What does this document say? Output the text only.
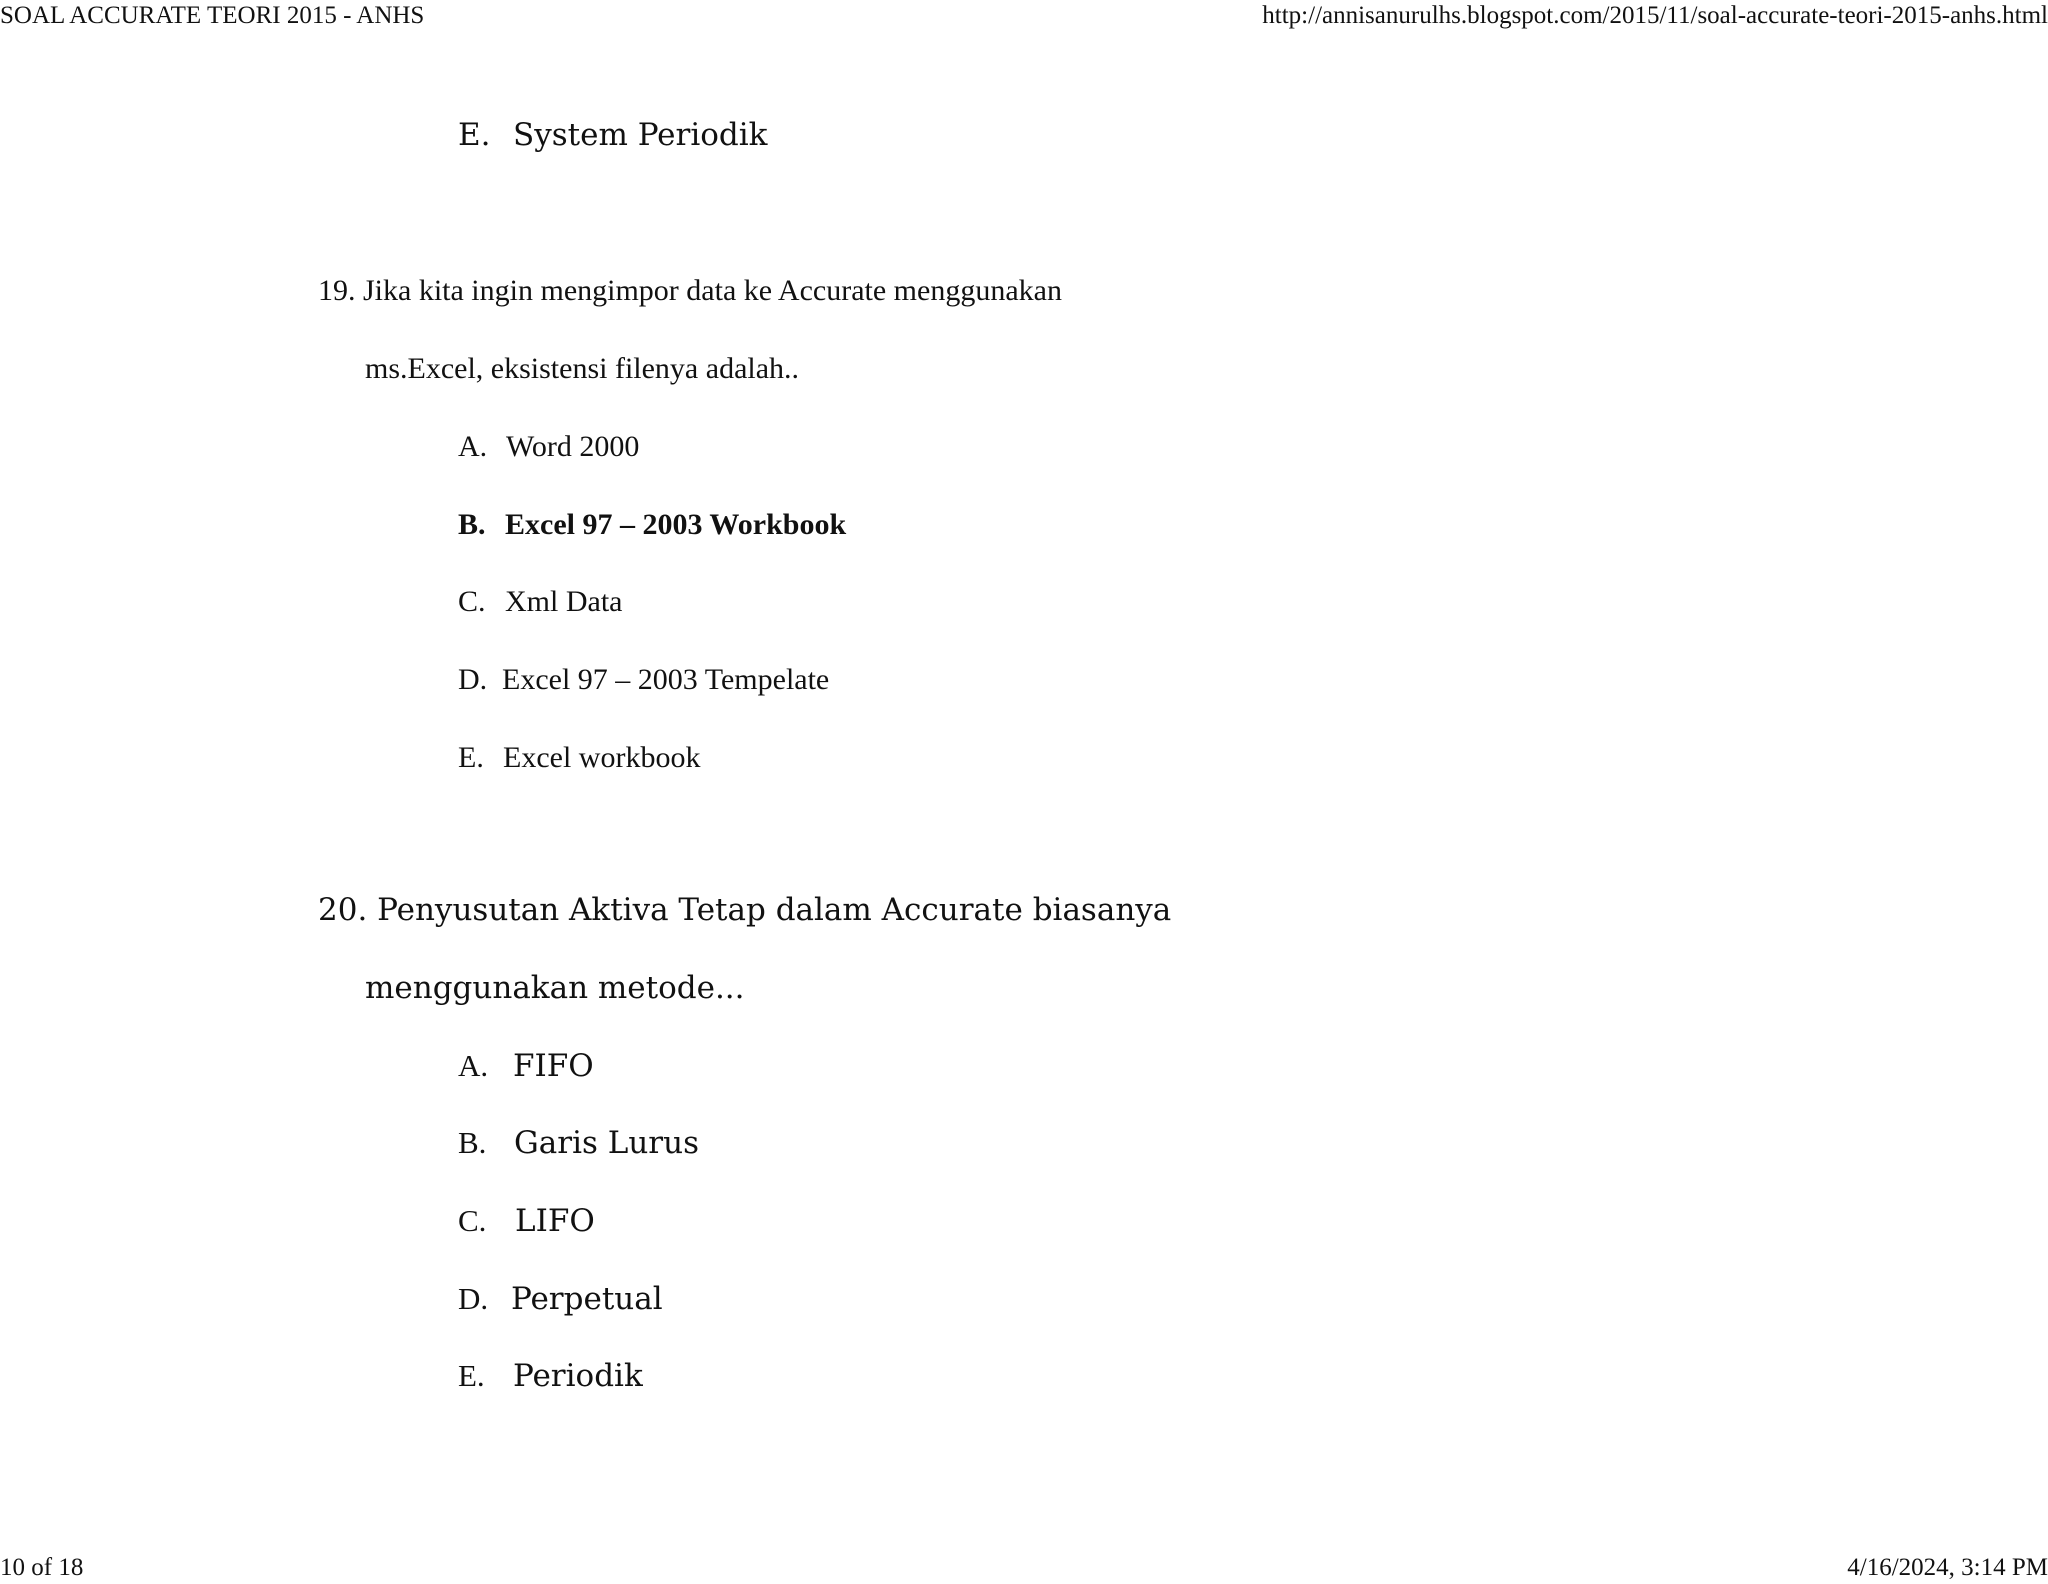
SOAL ACCURATE TEORI 2015 - ANHS	http://annisanurulhs.blogspot.com/2015/11/soal-accurate-teori-2015-anhs.html
E. System Periodik
19. Jika kita ingin mengimpor data ke Accurate menggunakan
ms.Excel, eksistensi filenya adalah..
A. Word 2000
B. Excel 97 – 2003 Workbook
C. Xml Data
D. Excel 97 – 2003 Tempelate
E. Excel workbook
20. Penyusutan Aktiva Tetap dalam Accurate biasanya
menggunakan metode...
A. FIFO
B. Garis Lurus
C. LIFO
D. Perpetual
E. Periodik
10 of 18	4/16/2024, 3:14 PM
